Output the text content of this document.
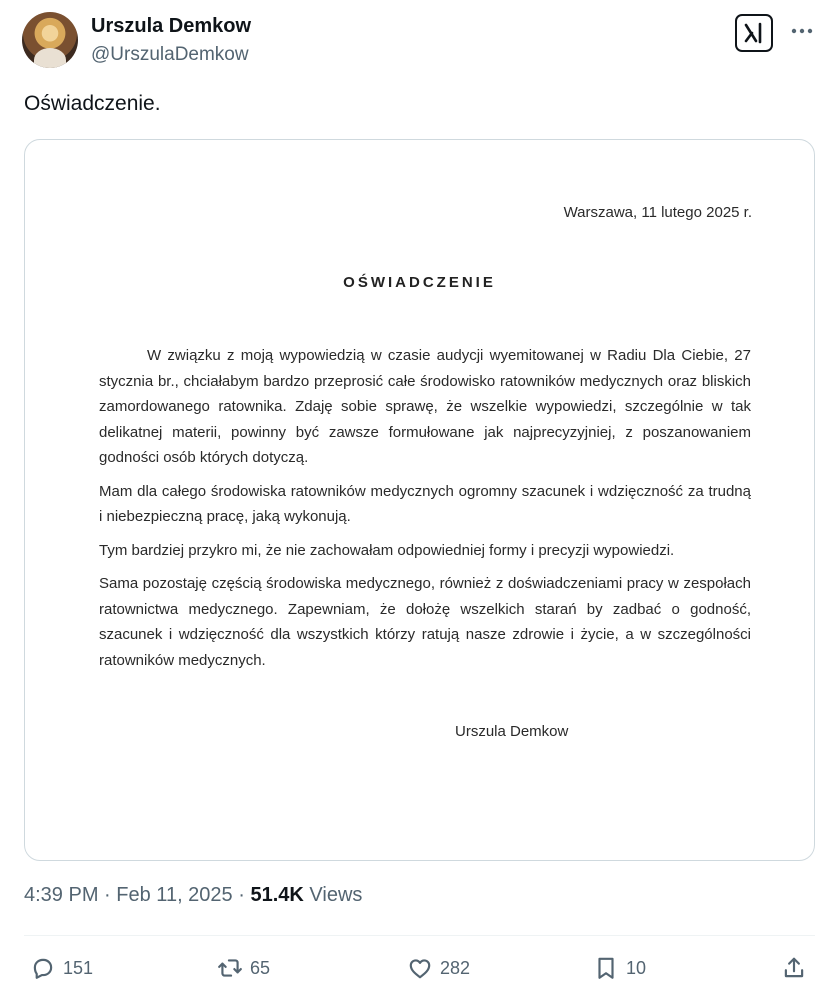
Urszula Demkow
@UrszulaDemkow
Oświadczenie.
Warszawa, 11 lutego 2025 r.
OŚWIADCZENIE

W związku z moją wypowiedzią w czasie audycji wyemitowanej w Radiu Dla Ciebie, 27 stycznia br., chciałabym bardzo przeprosić całe środowisko ratowników medycznych oraz bliskich zamordowanego ratownika. Zdaję sobie sprawę, że wszelkie wypowiedzi, szczególnie w tak delikatnej materii, powinny być zawsze formułowane jak najprecyzyjniej, z poszanowaniem godności osób których dotyczą.

Mam dla całego środowiska ratowników medycznych ogromny szacunek i wdzięczność za trudną i niebezpieczną pracę, jaką wykonują.

Tym bardziej przykro mi, że nie zachowałam odpowiedniej formy i precyzji wypowiedzi.

Sama pozostaję częścią środowiska medycznego, również z doświadczeniami pracy w zespołach ratownictwa medycznego. Zapewniam, że dołożę wszelkich starań by zadbać o godność, szacunek i wdzięczność dla wszystkich którzy ratują nasze zdrowie i życie, a w szczególności ratowników medycznych.

Urszula Demkow
4:39 PM · Feb 11, 2025 · 51.4K Views
151	65	282	10
